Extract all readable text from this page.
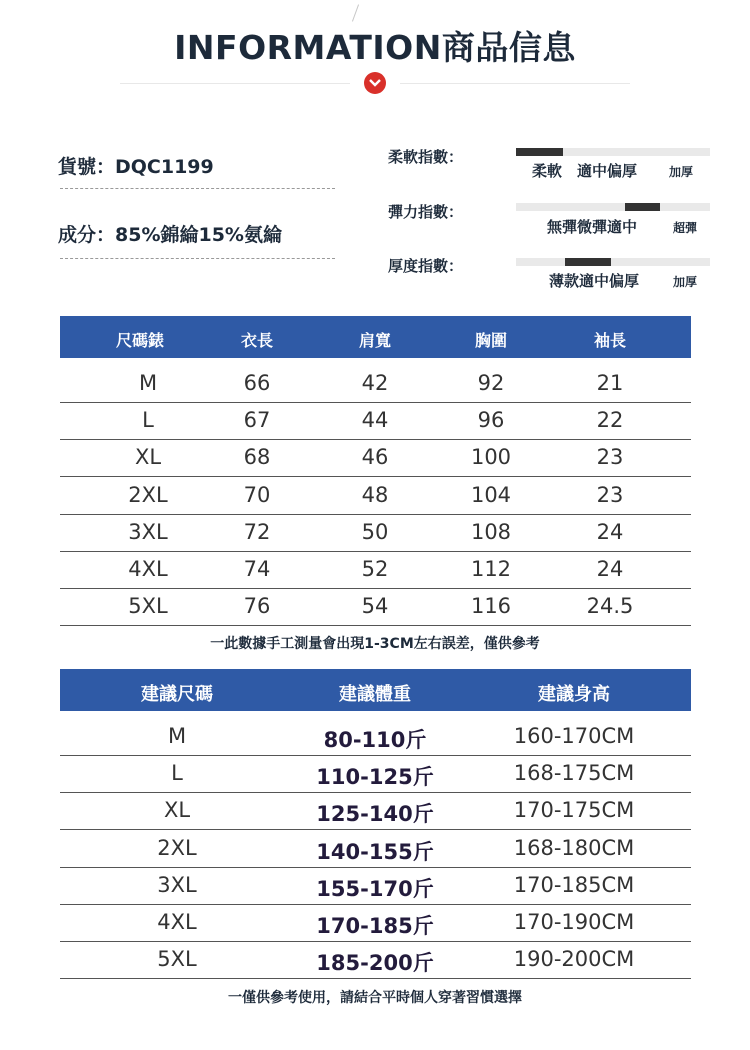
INFORMATION商品信息
貨號：DQC1199
成分：85%錦綸15%氨綸
柔軟指數：
柔軟 適中偏厚	加厚
彈力指數：
無彈微彈適中	超彈
厚度指數：
薄款適中偏厚	加厚
尺碼錶	衣長	肩寬	胸圍	袖長
M	66	42	92	21
L	67	44	96	22
XL	68	46	100	23
2XL	70	48	104	23
3XL	72	50	108	24
4XL	74	52	112	24
5XL	76	54	116	24.5
一此數據手工測量會出現1-3CM左右誤差，僅供參考
建議尺碼	建議體重	建議身高
M	80-110斤	160-170CM
L	110-125斤	168-175CM
XL	125-140斤	170-175CM
2XL	140-155斤	168-180CM
3XL	155-170斤	170-185CM
4XL	170-185斤	170-190CM
5XL	185-200斤	190-200CM
一僅供參考使用，請結合平時個人穿著習慣選擇
